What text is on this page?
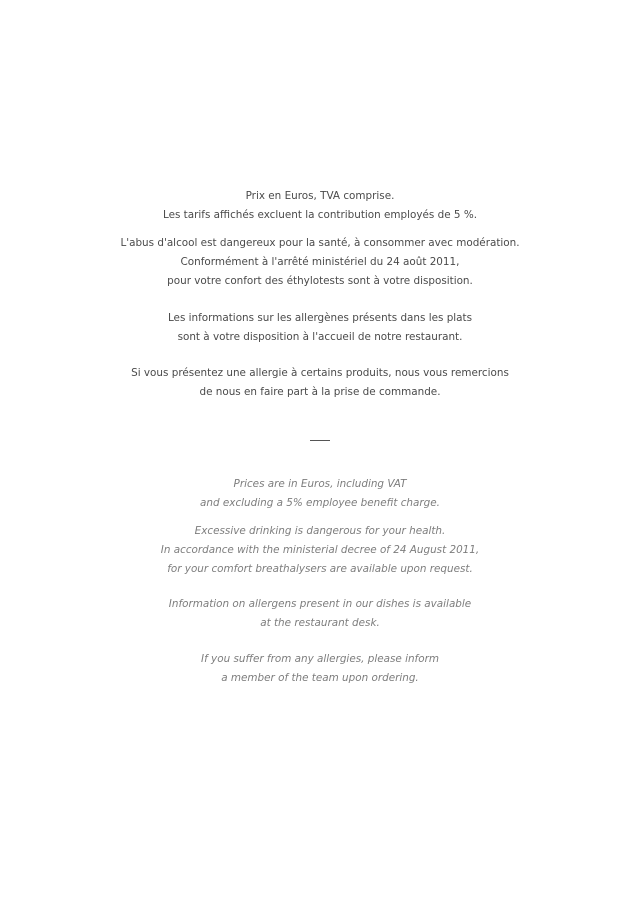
Prix en Euros, TVA comprise.
Les tarifs affichés excluent la contribution employés de 5 %.
L'abus d'alcool est dangereux pour la santé, à consommer avec modération.
Conformément à l'arrêté ministériel du 24 août 2011,
pour votre confort des éthylotests sont à votre disposition.
Les informations sur les allergènes présents dans les plats
sont à votre disposition à l'accueil de notre restaurant.
Si vous présentez une allergie à certains produits, nous vous remercions
de nous en faire part à la prise de commande.
Prices are in Euros, including VAT
and excluding a 5% employee benefit charge.
Excessive drinking is dangerous for your health.
In accordance with the ministerial decree of 24 August 2011,
for your comfort breathalysers are available upon request.
Information on allergens present in our dishes is available
at the restaurant desk.
If you suffer from any allergies, please inform
a member of the team upon ordering.
